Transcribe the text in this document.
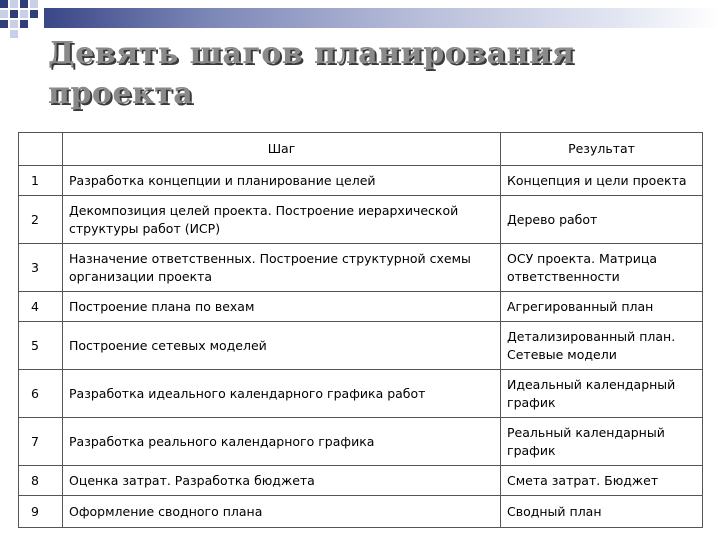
Девять шагов планирования проекта
	Шаг	Результат
1	Разработка концепции и планирование целей	Концепция и цели проекта
2	Декомпозиция целей проекта. Построение иерархической структуры работ (ИСР)	Дерево работ
3	Назначение ответственных. Построение структурной схемы организации проекта	ОСУ проекта. Матрица ответственности
4	Построение плана по вехам	Агрегированный план
5	Построение сетевых моделей	Детализированный план. Сетевые модели
6	Разработка идеального календарного графика работ	Идеальный календарный график
7	Разработка реального календарного графика	Реальный календарный график
8	Оценка затрат. Разработка бюджета	Смета затрат. Бюджет
9	Оформление сводного плана	Сводный план
